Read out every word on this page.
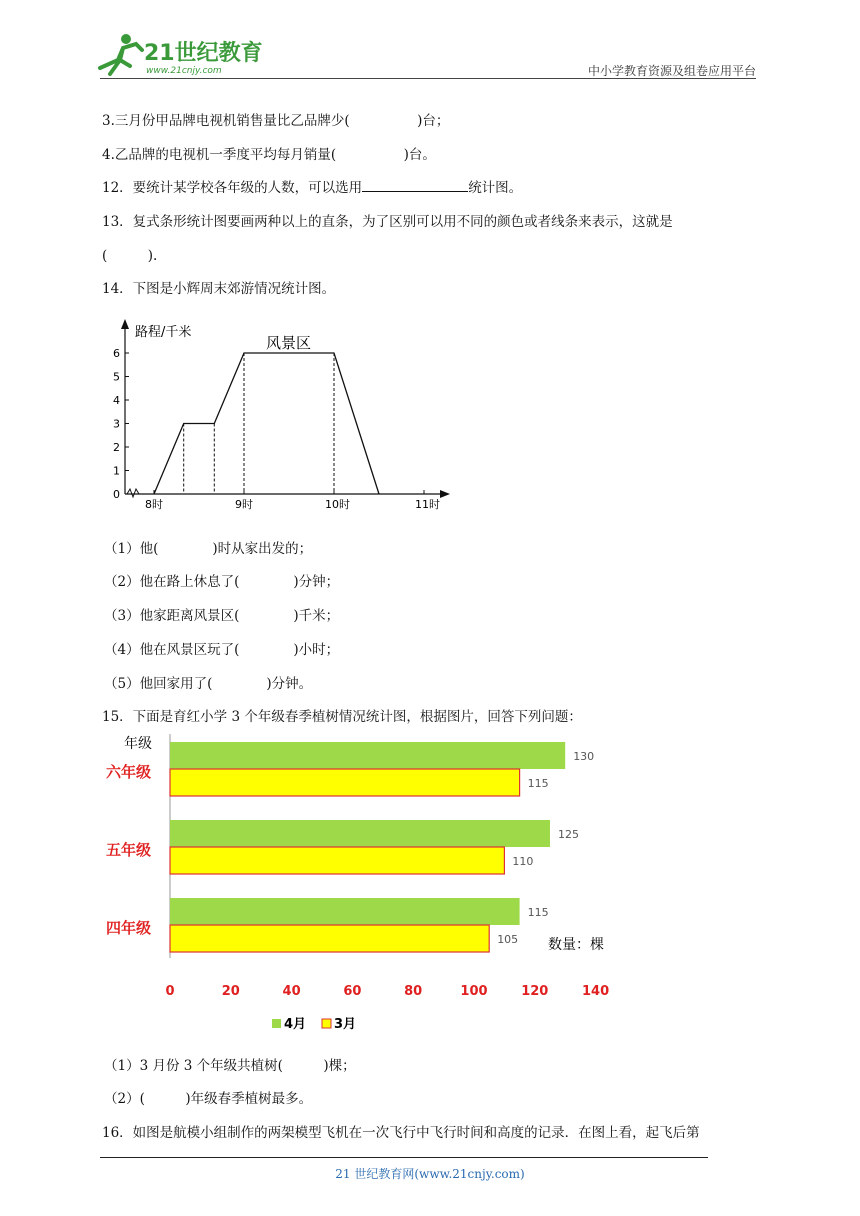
21世纪教育
www.21cnjy.com	中小学教育资源及组卷应用平台
3.三月份甲品牌电视机销售量比乙品牌少(　　　　　)台；
4.乙品牌的电视机一季度平均每月销量(　　　　　)台。
12．要统计某学校各年级的人数，可以选用	统计图。
13．复式条形统计图要画两种以上的直条，为了区别可以用不同的颜色或者线条来表示，这就是
(　　　).
14．下图是小辉周末郊游情况统计图。
路程/千米
0
1
2
3
4
5
6
8时	9时	10时	11时
风景区
（1）他(　　　　)时从家出发的；
（2）他在路上休息了(　　　　)分钟；
（3）他家距离风景区(　　　　)千米；
（4）他在风景区玩了(　　　　)小时；
（5）他回家用了(　　　　)分钟。
15．下面是育红小学 3 个年级春季植树情况统计图，根据图片，回答下列问题：
年级
六年级
130
115
五年级
125
110
四年级
115
105 数量：棵
0	20	40	60	80	100	120	140
4月 3月
（1）3 月份 3 个年级共植树(　　　)棵；
（2）(　　　)年级春季植树最多。
16．如图是航模小组制作的两架模型飞机在一次飞行中飞行时间和高度的记录．在图上看，起飞后第
21 世纪教育网(www.21cnjy.com)
